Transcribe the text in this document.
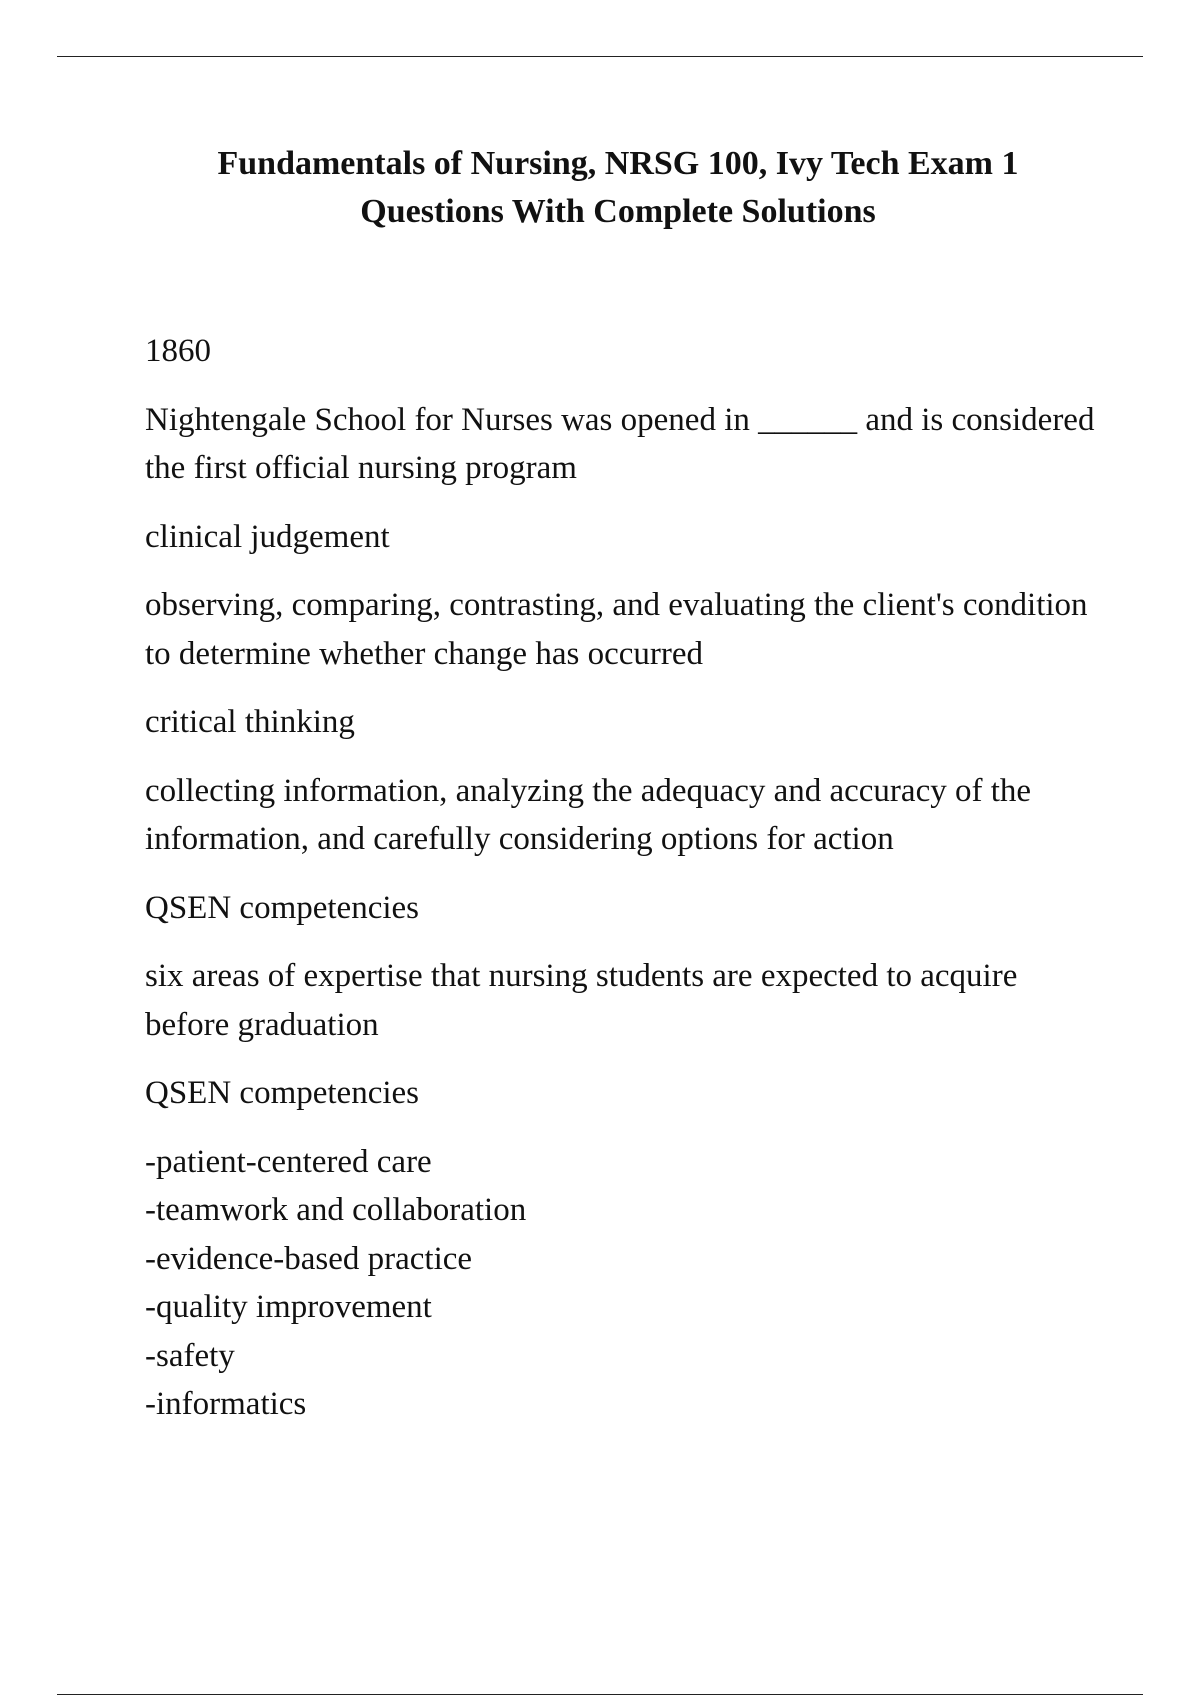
Fundamentals of Nursing, NRSG 100, Ivy Tech Exam 1
Questions With Complete Solutions

1860

Nightengale School for Nurses was opened in ______ and is considered the first official nursing program

clinical judgement

observing, comparing, contrasting, and evaluating the client's condition to determine whether change has occurred

critical thinking

collecting information, analyzing the adequacy and accuracy of the information, and carefully considering options for action

QSEN competencies

six areas of expertise that nursing students are expected to acquire before graduation

QSEN competencies

-patient-centered care
-teamwork and collaboration
-evidence-based practice
-quality improvement
-safety
-informatics
